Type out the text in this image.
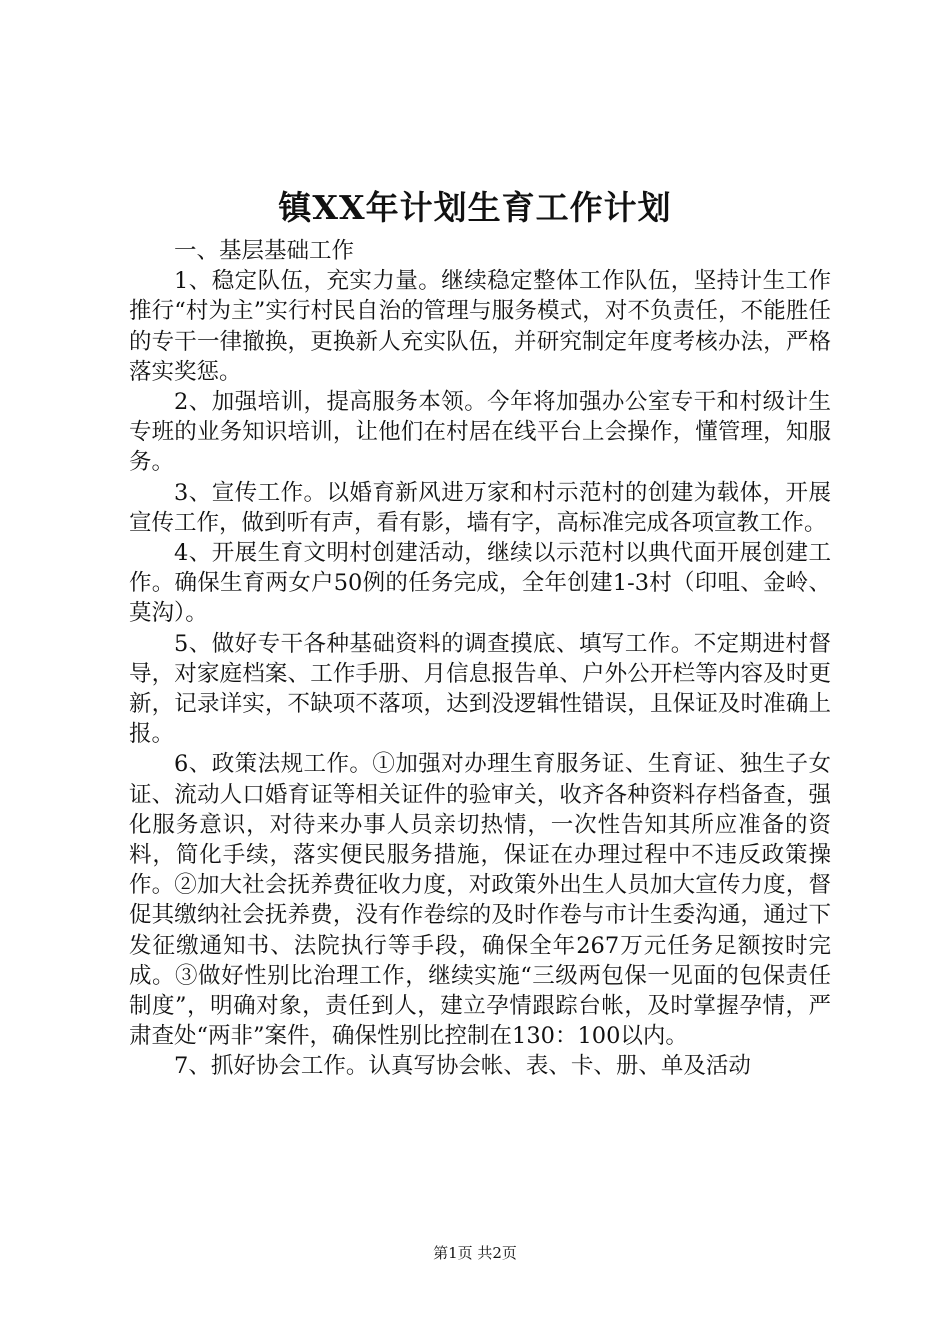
镇XX年计划生育工作计划

一、基层基础工作

1、稳定队伍，充实力量。继续稳定整体工作队伍，坚持计生工作推行“村为主”实行村民自治的管理与服务模式，对不负责任，不能胜任的专干一律撤换，更换新人充实队伍，并研究制定年度考核办法，严格落实奖惩。

2、加强培训，提高服务本领。今年将加强办公室专干和村级计生专班的业务知识培训，让他们在村居在线平台上会操作，懂管理，知服务。

3、宣传工作。以婚育新风进万家和村示范村的创建为载体，开展宣传工作，做到听有声，看有影，墙有字，高标准完成各项宣教工作。

4、开展生育文明村创建活动，继续以示范村以典代面开展创建工作。确保生育两女户50例的任务完成，全年创建1-3村（印咀、金岭、莫沟）。

5、做好专干各种基础资料的调查摸底、填写工作。不定期进村督导，对家庭档案、工作手册、月信息报告单、户外公开栏等内容及时更新，记录详实，不缺项不落项，达到没逻辑性错误，且保证及时准确上报。

6、政策法规工作。①加强对办理生育服务证、生育证、独生子女证、流动人口婚育证等相关证件的验审关，收齐各种资料存档备查，强化服务意识，对待来办事人员亲切热情，一次性告知其所应准备的资料，简化手续，落实便民服务措施，保证在办理过程中不违反政策操作。②加大社会抚养费征收力度，对政策外出生人员加大宣传力度，督促其缴纳社会抚养费，没有作卷综的及时作卷与市计生委沟通，通过下发征缴通知书、法院执行等手段，确保全年267万元任务足额按时完成。③做好性别比治理工作，继续实施“三级两包保一见面的包保责任制度”，明确对象，责任到人，建立孕情跟踪台帐，及时掌握孕情，严肃查处“两非”案件，确保性别比控制在130：100以内。

7、抓好协会工作。认真写协会帐、表、卡、册、单及活动

第1页 共2页
